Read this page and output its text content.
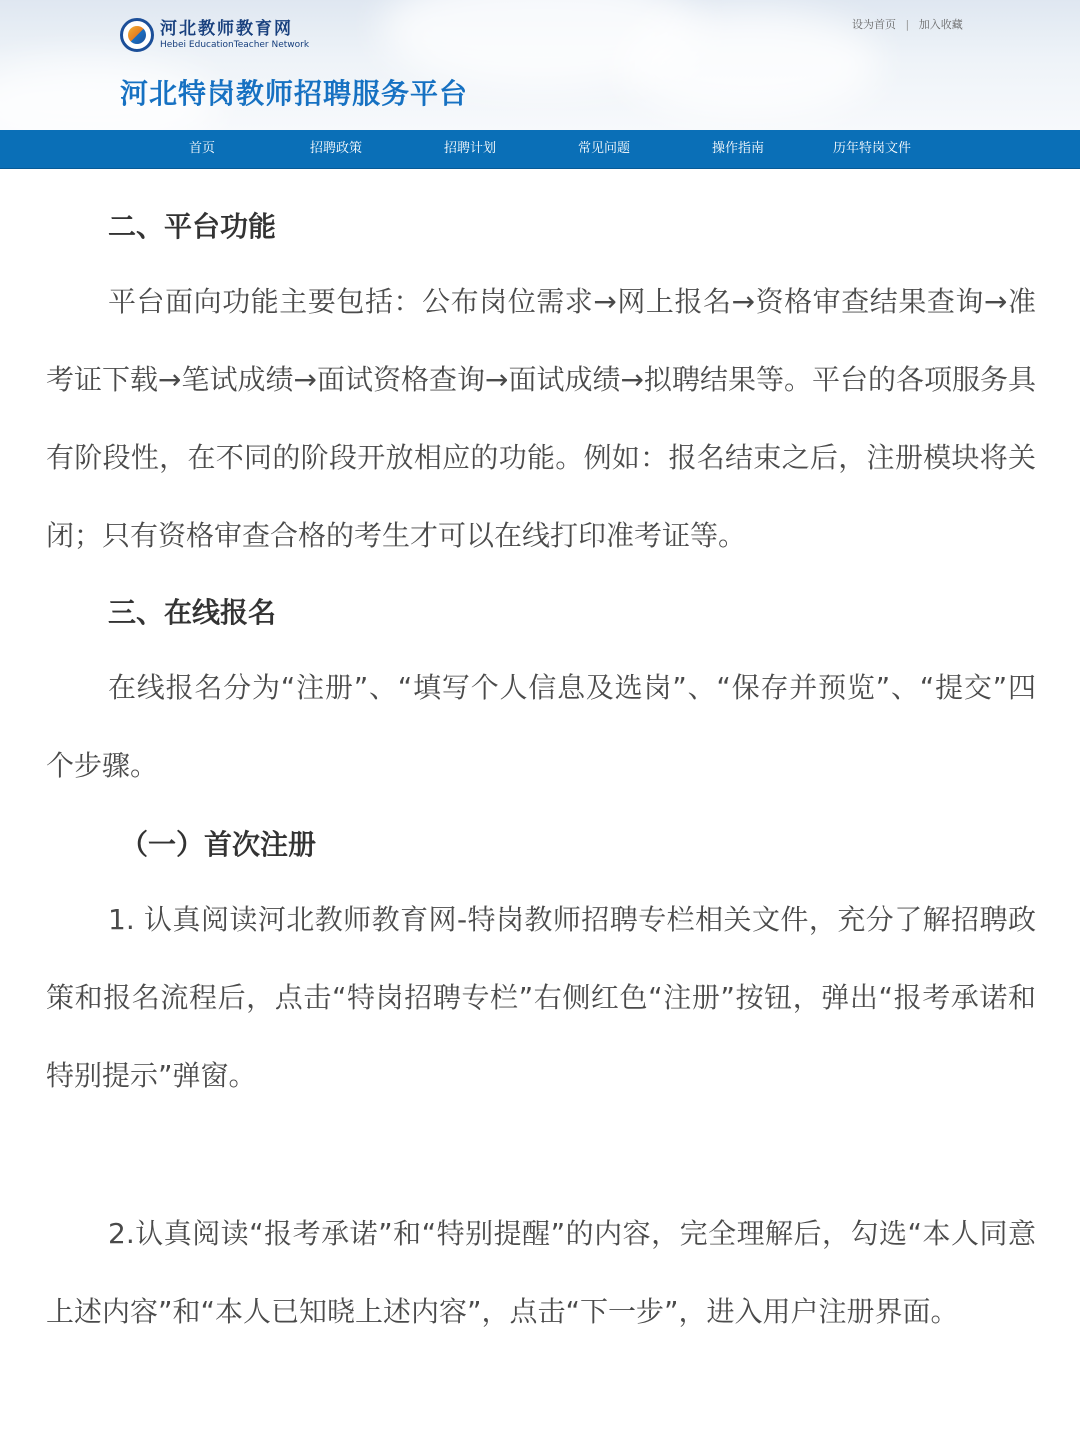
河北教师教育网
Hebei EducationTeacher Network
河北特岗教师招聘服务平台
设为首页 | 加入收藏
首页	招聘政策	招聘计划	常见问题	操作指南	历年特岗文件
二、平台功能
平台面向功能主要包括：公布岗位需求→网上报名→资格审查结果查询→准考证下载→笔试成绩→面试资格查询→面试成绩→拟聘结果等。平台的各项服务具有阶段性，在不同的阶段开放相应的功能。例如：报名结束之后，注册模块将关闭；只有资格审查合格的考生才可以在线打印准考证等。
三、在线报名
在线报名分为“注册”、“填写个人信息及选岗”、“保存并预览”、“提交”四个步骤。
（一）首次注册
1. 认真阅读河北教师教育网-特岗教师招聘专栏相关文件，充分了解招聘政策和报名流程后，点击“特岗招聘专栏”右侧红色“注册”按钮，弹出“报考承诺和特别提示”弹窗。
2.认真阅读“报考承诺”和“特别提醒”的内容，完全理解后，勾选“本人同意上述内容”和“本人已知晓上述内容”，点击“下一步”，进入用户注册界面。
